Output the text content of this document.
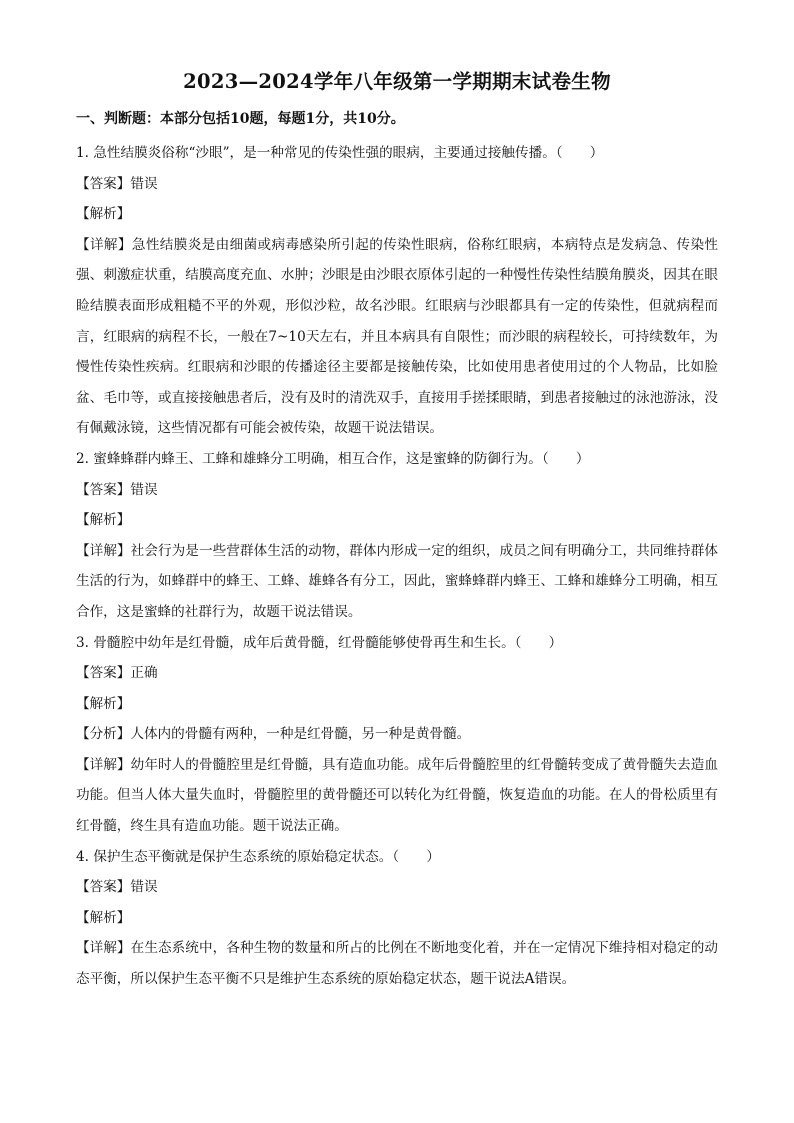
2023—2024学年八年级第一学期期末试卷生物
一、判断题：本部分包括10题，每题1分，共10分。

1. 急性结膜炎俗称“沙眼”，是一种常见的传染性强的眼病，主要通过接触传播。（　　）

【答案】错误

【解析】

【详解】急性结膜炎是由细菌或病毒感染所引起的传染性眼病，俗称红眼病，本病特点是发病急、传染性强、刺激症状重，结膜高度充血、水肿；沙眼是由沙眼衣原体引起的一种慢性传染性结膜角膜炎，因其在眼睑结膜表面形成粗糙不平的外观，形似沙粒，故名沙眼。红眼病与沙眼都具有一定的传染性，但就病程而言，红眼病的病程不长，一般在7~10天左右，并且本病具有自限性；而沙眼的病程较长，可持续数年，为慢性传染性疾病。红眼病和沙眼的传播途径主要都是接触传染，比如使用患者使用过的个人物品，比如脸盆、毛巾等，或直接接触患者后，没有及时的清洗双手，直接用手搓揉眼睛，到患者接触过的泳池游泳，没有佩戴泳镜，这些情况都有可能会被传染，故题干说法错误。

2. 蜜蜂蜂群内蜂王、工蜂和雄蜂分工明确，相互合作，这是蜜蜂的防御行为。（　　）

【答案】错误

【解析】

【详解】社会行为是一些营群体生活的动物，群体内形成一定的组织，成员之间有明确分工，共同维持群体生活的行为，如蜂群中的蜂王、工蜂、雄蜂各有分工，因此，蜜蜂蜂群内蜂王、工蜂和雄蜂分工明确，相互合作，这是蜜蜂的社群行为，故题干说法错误。

3. 骨髓腔中幼年是红骨髓，成年后黄骨髓，红骨髓能够使骨再生和生长。（　　）

【答案】正确

【解析】

【分析】人体内的骨髓有两种，一种是红骨髓，另一种是黄骨髓。

【详解】幼年时人的骨髓腔里是红骨髓，具有造血功能。成年后骨髓腔里的红骨髓转变成了黄骨髓失去造血功能。但当人体大量失血时，骨髓腔里的黄骨髓还可以转化为红骨髓，恢复造血的功能。在人的骨松质里有红骨髓，终生具有造血功能。题干说法正确。

4. 保护生态平衡就是保护生态系统的原始稳定状态。（　　）

【答案】错误

【解析】

【详解】在生态系统中，各种生物的数量和所占的比例在不断地变化着，并在一定情况下维持相对稳定的动态平衡，所以保护生态平衡不只是维护生态系统的原始稳定状态，题干说法A错误。
